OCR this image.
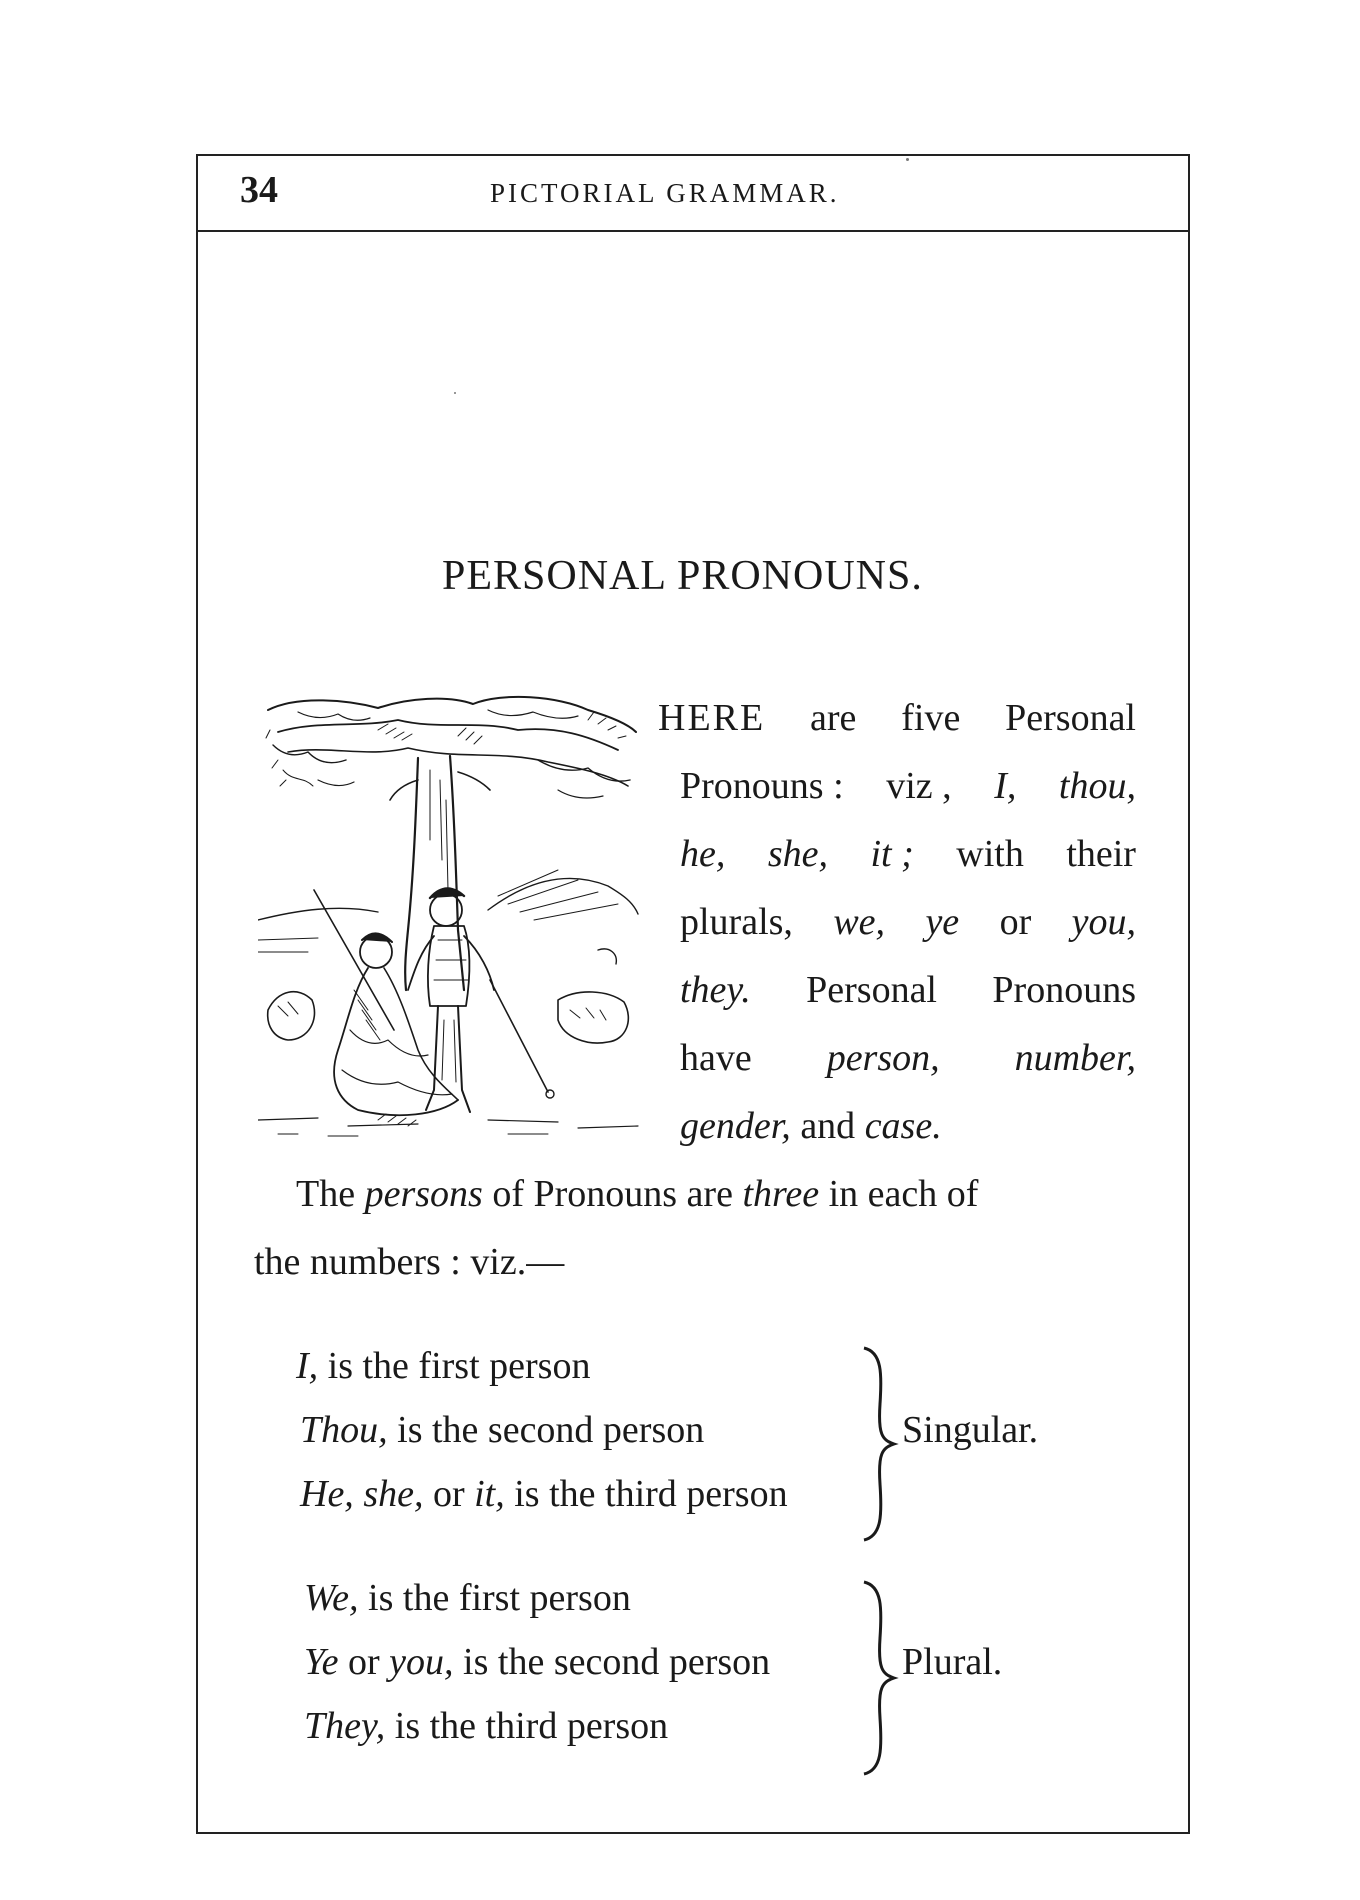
34	PICTORIAL GRAMMAR.
PERSONAL PRONOUNS.
HERE are five Personal
Pronouns : viz , I, thou,
he, she, it ; with their
plurals, we, ye or you,
they. Personal Pronouns
have person, number,
gender, and case.
The persons of Pronouns are three in each of
the numbers : viz.—
I, is the first person
Thou, is the second person
He, she, or it, is the third person
Singular.
We, is the first person
Ye or you, is the second person
They, is the third person
Plural.
